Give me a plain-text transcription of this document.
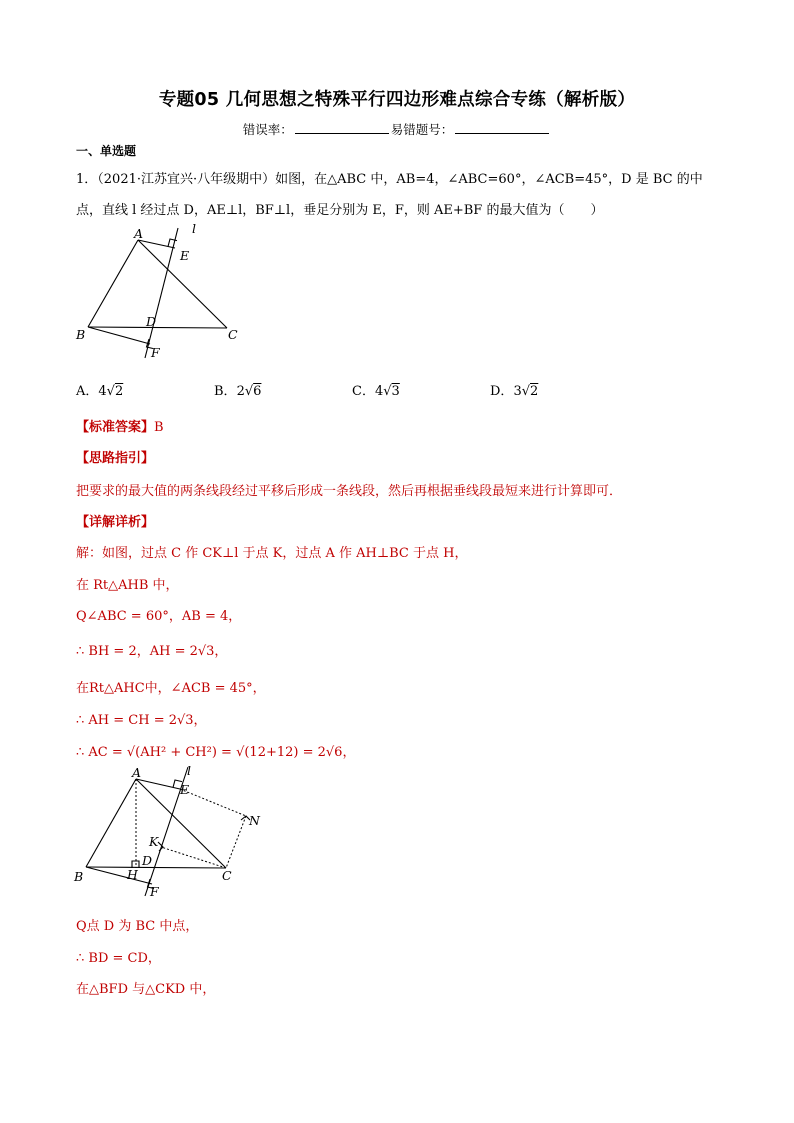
专题05 几何思想之特殊平行四边形难点综合专练（解析版）
错误率：	易错题号：
一、单选题
1．（2021·江苏宜兴·八年级期中）如图，在△ABC 中，AB=4，∠ABC=60°，∠ACB=45°，D 是 BC 的中
点，直线 l 经过点 D，AE⊥l，BF⊥l，垂足分别为 E，F，则 AE+BF 的最大值为（　　）
A
B	C
D
E
F
l
A．4√2	B．2√6	C．4√3	D．3√2
【标准答案】B
【思路指引】
把要求的最大值的两条线段经过平移后形成一条线段，然后再根据垂线段最短来进行计算即可．
【详解详析】
解：如图，过点 C 作 CK⊥l 于点 K，过点 A 作 AH⊥BC 于点 H，
在 Rt△AHB 中，
Q∠ABC = 60°，AB = 4，
∴ BH = 2，AH = 2√3，
在Rt△AHC中，∠ACB = 45°，
∴ AH = CH = 2√3，
∴ AC = √(AH² + CH²) = √(12+12) = 2√6，
A
B	C
D
E
F
H
K
N
l
Q点 D 为 BC 中点，
∴ BD = CD，
在△BFD 与△CKD 中，
